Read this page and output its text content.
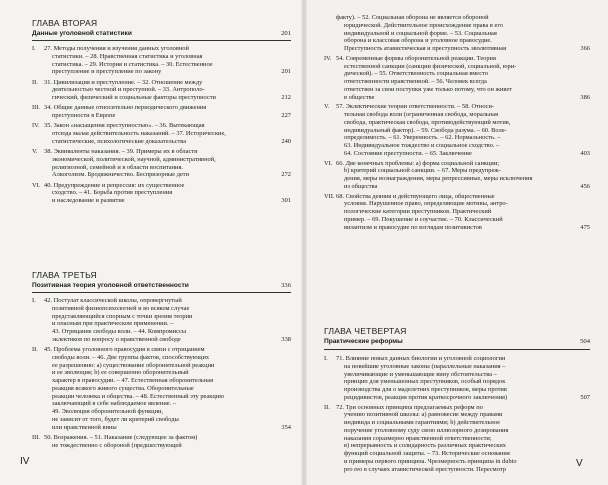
ГЛАВА ВТОРАЯ
Данные уголовной статистики	201
I. 27. Методы получения и изучения данных уголовной
статистики. – 28. Нравственная статистика и уголовная
статистика. – 29. История и статистика. – 30. Естественное
преступление и преступление по закону	201
II. 31. Цивилизация и преступление. – 32. Отношение между
деятельностью честной и преступной. – 33. Антрополо-
гический, физический и социальные факторы преступности	212
III. 34. Общие данные относительно периодического движения
преступности в Европе	227
IV. 35. Закон «насыщения преступностью». – 36. Вытекающая
отсюда малая действительность наказаний. – 37. Исторические,
статистические, психологические доказательства	240
V. 38. Эквиваленты наказания. – 39. Примеры их в области
экономической, политической, научной, административной,
религиозной, семейной и в области воспитания.
Алкоголизм. Бродяжничество. Беспризорные дети	272
VI. 40. Предупреждение и репрессия: их существенное
сходство. – 41. Борьба против преступления
и наследование и развитие	301
ГЛАВА ТРЕТЬЯ
Позитивная теория уголовной ответственности	336
I. 42. Постулат классической школы, опровергнутый
позитивной физиопсихологией и во всяком случае
представляющийся спорным с точки зрения теории
и опасным при практическом применении. –
43. Отрицание свободы воли. – 44. Компромиссы
эклектиков по вопросу о нравственной свободе	338
II. 45. Проблема уголовного правосудия в связи с отрицанием
свободы воли. – 46. Две группы фактов, способствующих
ее разрешению: а) существование оборонительной реакции
и ее эволюция; b) ее совершенно оборонительный
характер в правосудии. – 47. Естественная оборонительная
реакция всякого живого существа. Оборонительные
реакции человека и общества. – 48. Естественный эту реакцию
заключающий в себе наблюдаемое явление. –
49. Эволюция оборонительной функции,
не зависит от того, будет ли критерий свободы
или нравственной вины	354
III. 50. Возражения. – 51. Наказание (следующее за фактом)
не тождественно с обороной (предшествующей
IV
факту). – 52. Социальная оборона не является обороной
юридической. Действительное происхождение права в его
индивидуальной и социальной форме. – 53. Социальная
оборона и классовая оборона и уголовное правосудие.
Преступность атавистическая и преступность эволютивная	366
IV. 54. Современные формы оборонительной реакции. Теория
естественной санкции (санкции физической, социальной, юри-
дической). – 55. Ответственность социальная вместо
ответственности нравственной. – 56. Человек всегда
ответствен за свои поступки уже только потому, что он живет
в обществе	386
V. 57. Эклектические теории ответственности. – 58. Относи-
тельная свобода воли (ограниченная свобода, моральная
свобода, практическая свобода, противодействующий мотив,
индивидуальный фактор). – 59. Свобода разума. – 60. Воле-
определимость. – 61. Уверенность. – 62. Нормальность. –
63. Индивидуальное тождество и социальное сходство. –
64. Состояние преступности. – 65. Заключение	403
VI. 66. Две конечных проблемы: а) форма социальной санкции;
b) критерий социальной санкции. – 67. Меры предупреж-
дения, меры вознаграждения, меры репрессивные, меры исключения
из общества	456
VII. 68. Свойства деяния и действующего лица, общественные
условия. Нарушенное право, определяющие мотивы, антро-
пологические категории преступников. Практический
пример. – 69. Покушение и соучастие. – 70. Классический
византизм и правосудие по взглядам позитивистов	475
ГЛАВА ЧЕТВЕРТАЯ
Практические реформы	504
I. 71. Влияние новых данных биологии и уголовной социологии
на новейшие уголовные законы (параллельные наказания –
увеличивающие и уменьшающие вину обстоятельства –
принцип для уменьшенных преступников, особый порядок
производства для о маделетних преступников, меры против
рецидивистов, реакция против краткосрочного заключения)	507
II. 72. Три основных принципа предлагаемых реформ по
учению позитивной школы: а) равновесие между правами
индивида и социальными гарантиями; b) действительное
поручение уголовному суду свою иллюзорного дозирования
наказания соразмерно нравственной ответственности;
в) непрерывность и солидарность различных практических
функций социальной защиты. – 73. Исторические основания
и примеры первого принципа. Чрезмерность принципа in dubio
pro reo в случаях атавистической преступности. Пересмотр	V
